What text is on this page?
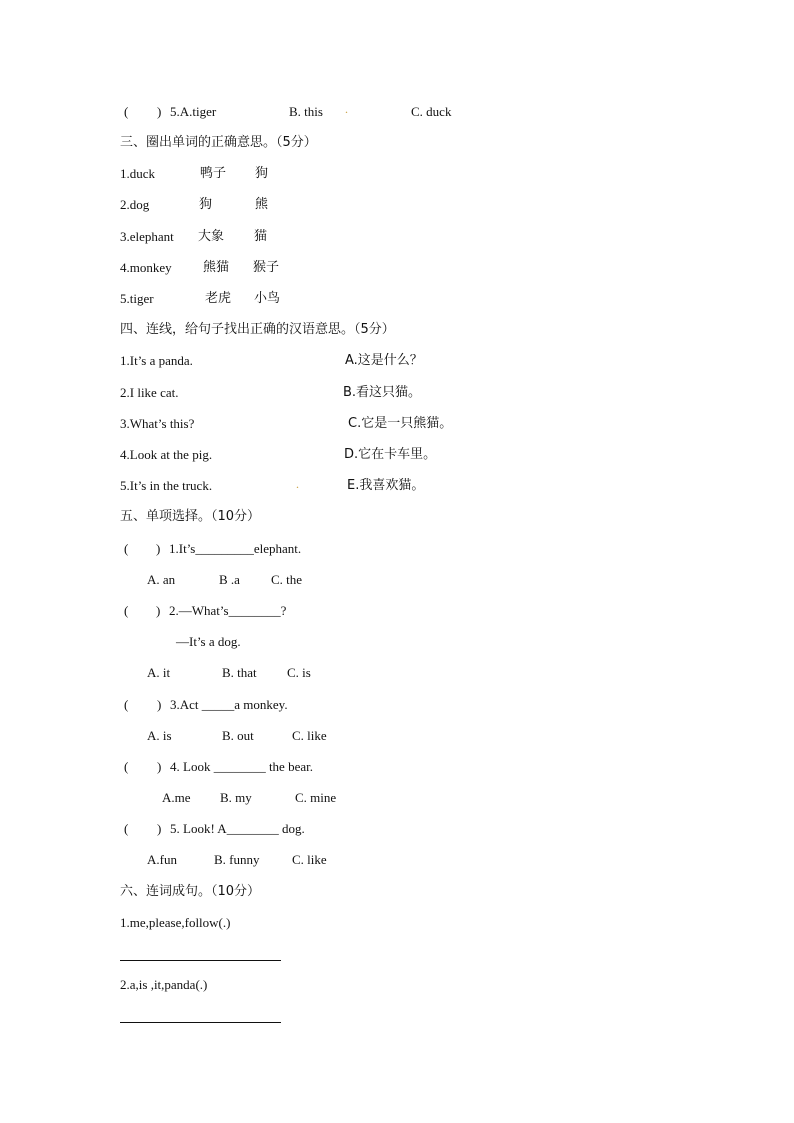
( ) 5.A.tiger	B. this .	C. duck
三、圈出单词的正确意思。（5分）
1.duck	鸭子 狗
2.dog	狗	熊
3.elephant 大象 猫
4.monkey 熊猫 猴子
5.tiger	老虎 小鸟
四、连线，给句子找出正确的汉语意思。（5分）
1.It’s a panda.	A.这是什么？
2.I like cat.	B.看这只猫。
3.What’s this?	C.它是一只熊猫。
4.Look at the pig.	D.它在卡车里。
5.It’s in the truck.	.	E.我喜欢猫。
五、单项选择。（10分）
( ) 1.It’s_________elephant.
A. an	B .a C. the
( ) 2.—What’s________?
—It’s a dog.
A. it	B. that C. is
( ) 3.Act _____a monkey.
A. is	B. out	C. like
( ) 4. Look ________ the bear.
A.me B. my	C. mine
( ) 5. Look! A________ dog.
A.fun	B. funny	C. like
六、连词成句。（10分）
1.me,please,follow(.)
2.a,is ,it,panda(.)
